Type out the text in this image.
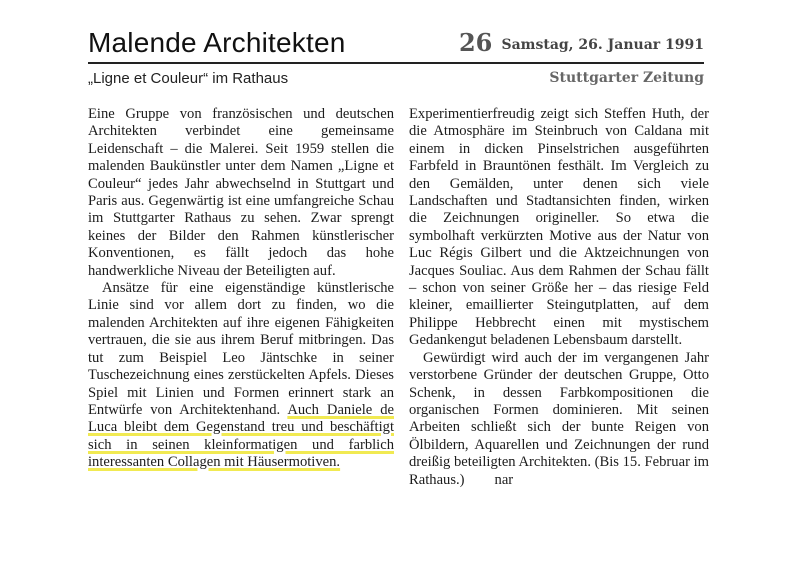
Malende Architekten	26 Samstag, 26. Januar 1991
„Ligne et Couleur“ im Rathaus	Stuttgarter Zeitung

Eine Gruppe von französischen und deutschen Architekten verbindet eine gemeinsame Leidenschaft – die Malerei. Seit 1959 stellen die malenden Baukünstler unter dem Namen „Ligne et Couleur“ jedes Jahr abwechselnd in Stuttgart und Paris aus. Gegenwärtig ist eine umfangreiche Schau im Stuttgarter Rathaus zu sehen. Zwar sprengt keines der Bilder den Rahmen künstlerischer Konventionen, es fällt jedoch das hohe handwerkliche Niveau der Beteiligten auf.

Ansätze für eine eigenständige künstlerische Linie sind vor allem dort zu finden, wo die malenden Architekten auf ihre eigenen Fähigkeiten vertrauen, die sie aus ihrem Beruf mitbringen. Das tut zum Beispiel Leo Jäntschke in seiner Tuschezeichnung eines zerstückelten Apfels. Dieses Spiel mit Linien und Formen erinnert stark an Entwürfe von Architektenhand. Auch Daniele de Luca bleibt dem Gegenstand treu und beschäftigt sich in seinen kleinformatigen und farblich interessanten Collagen mit Häusermotiven.

Experimentierfreudig zeigt sich Steffen Huth, der die Atmosphäre im Steinbruch von Caldana mit einem in dicken Pinselstrichen ausgeführten Farbfeld in Brauntönen festhält. Im Vergleich zu den Gemälden, unter denen sich viele Landschaften und Stadtansichten finden, wirken die Zeichnungen origineller. So etwa die symbolhaft verkürzten Motive aus der Natur von Luc Régis Gilbert und die Aktzeichnungen von Jacques Souliac. Aus dem Rahmen der Schau fällt – schon von seiner Größe her – das riesige Feld kleiner, emaillierter Steingutplatten, auf dem Philippe Hebbrecht einen mit mystischem Gedankengut beladenen Lebensbaum darstellt.

Gewürdigt wird auch der im vergangenen Jahr verstorbene Gründer der deutschen Gruppe, Otto Schenk, in dessen Farbkompositionen die organischen Formen dominieren. Mit seinen Arbeiten schließt sich der bunte Reigen von Ölbildern, Aquarellen und Zeichnungen der rund dreißig beteiligten Architekten. (Bis 15. Februar im Rathaus.) nar
